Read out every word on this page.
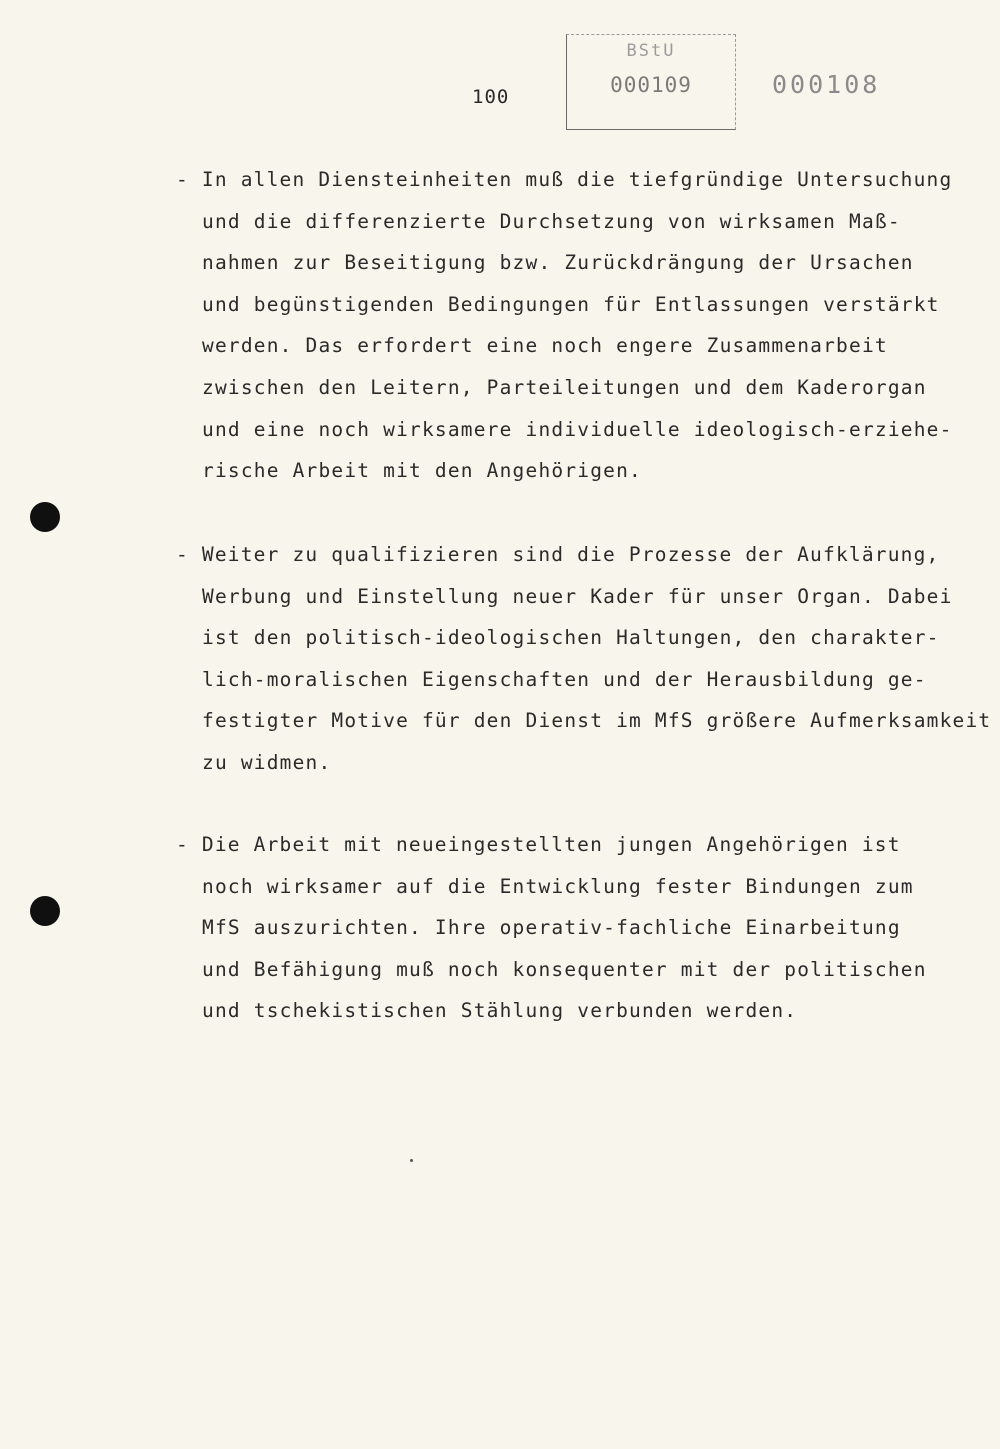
100
BStU
000109	000108
- In allen Diensteinheiten muß die tiefgründige Untersuchung
und die differenzierte Durchsetzung von wirksamen Maß-
nahmen zur Beseitigung bzw. Zurückdrängung der Ursachen
und begünstigenden Bedingungen für Entlassungen verstärkt
werden. Das erfordert eine noch engere Zusammenarbeit
zwischen den Leitern, Parteileitungen und dem Kaderorgan
und eine noch wirksamere individuelle ideologisch-erziehe-
rische Arbeit mit den Angehörigen.
- Weiter zu qualifizieren sind die Prozesse der Aufklärung,
Werbung und Einstellung neuer Kader für unser Organ. Dabei
ist den politisch-ideologischen Haltungen, den charakter-
lich-moralischen Eigenschaften und der Herausbildung ge-
festigter Motive für den Dienst im MfS größere Aufmerksamkeit
zu widmen.
- Die Arbeit mit neueingestellten jungen Angehörigen ist
noch wirksamer auf die Entwicklung fester Bindungen zum
MfS auszurichten. Ihre operativ-fachliche Einarbeitung
und Befähigung muß noch konsequenter mit der politischen
und tschekistischen Stählung verbunden werden.
